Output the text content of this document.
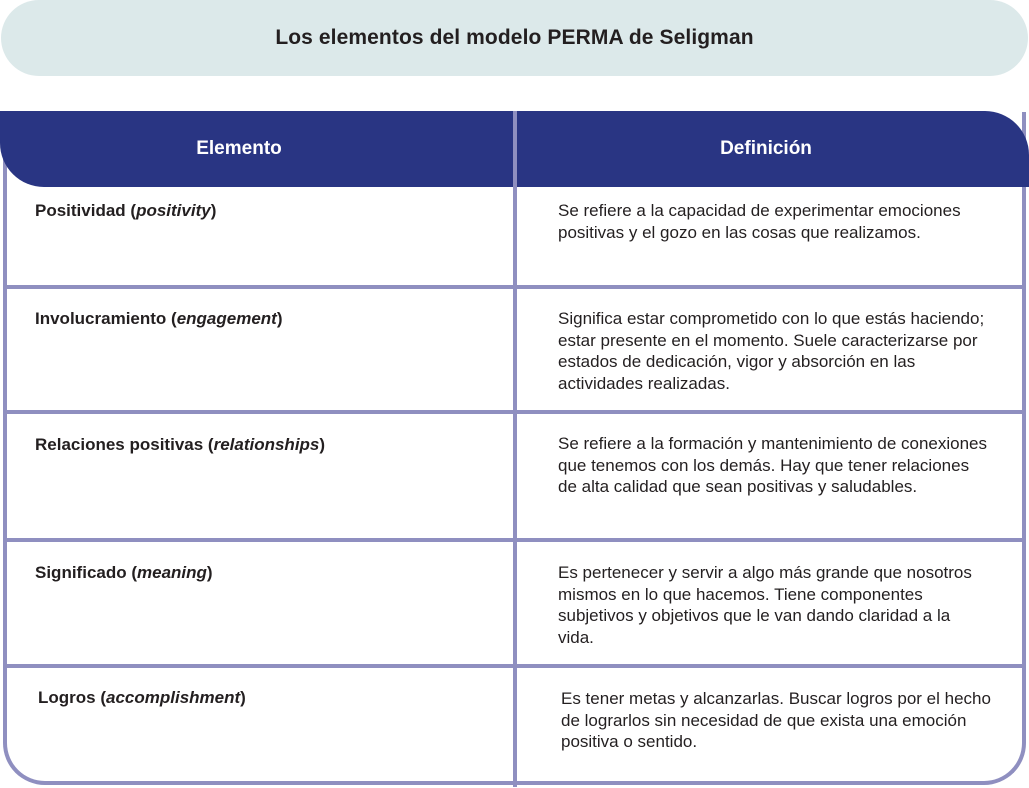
Los elementos del modelo PERMA de Seligman
Elemento	Definición
Positividad (positivity)	Se refiere a la capacidad de experimentar emociones positivas y el gozo en las cosas que realizamos.
Involucramiento (engagement)	Significa estar comprometido con lo que estás haciendo; estar presente en el momento. Suele caracterizarse por estados de dedicación, vigor y absorción en las actividades realizadas.
Relaciones positivas (relationships)	Se refiere a la formación y mantenimiento de conexiones que tenemos con los demás. Hay que tener relaciones de alta calidad que sean positivas y saludables.
Significado (meaning)	Es pertenecer y servir a algo más grande que nosotros mismos en lo que hacemos. Tiene componentes subjetivos y objetivos que le van dando claridad a la vida.
Logros (accomplishment)	Es tener metas y alcanzarlas. Buscar logros por el hecho de lograrlos sin necesidad de que exista una emoción positiva o sentido.
